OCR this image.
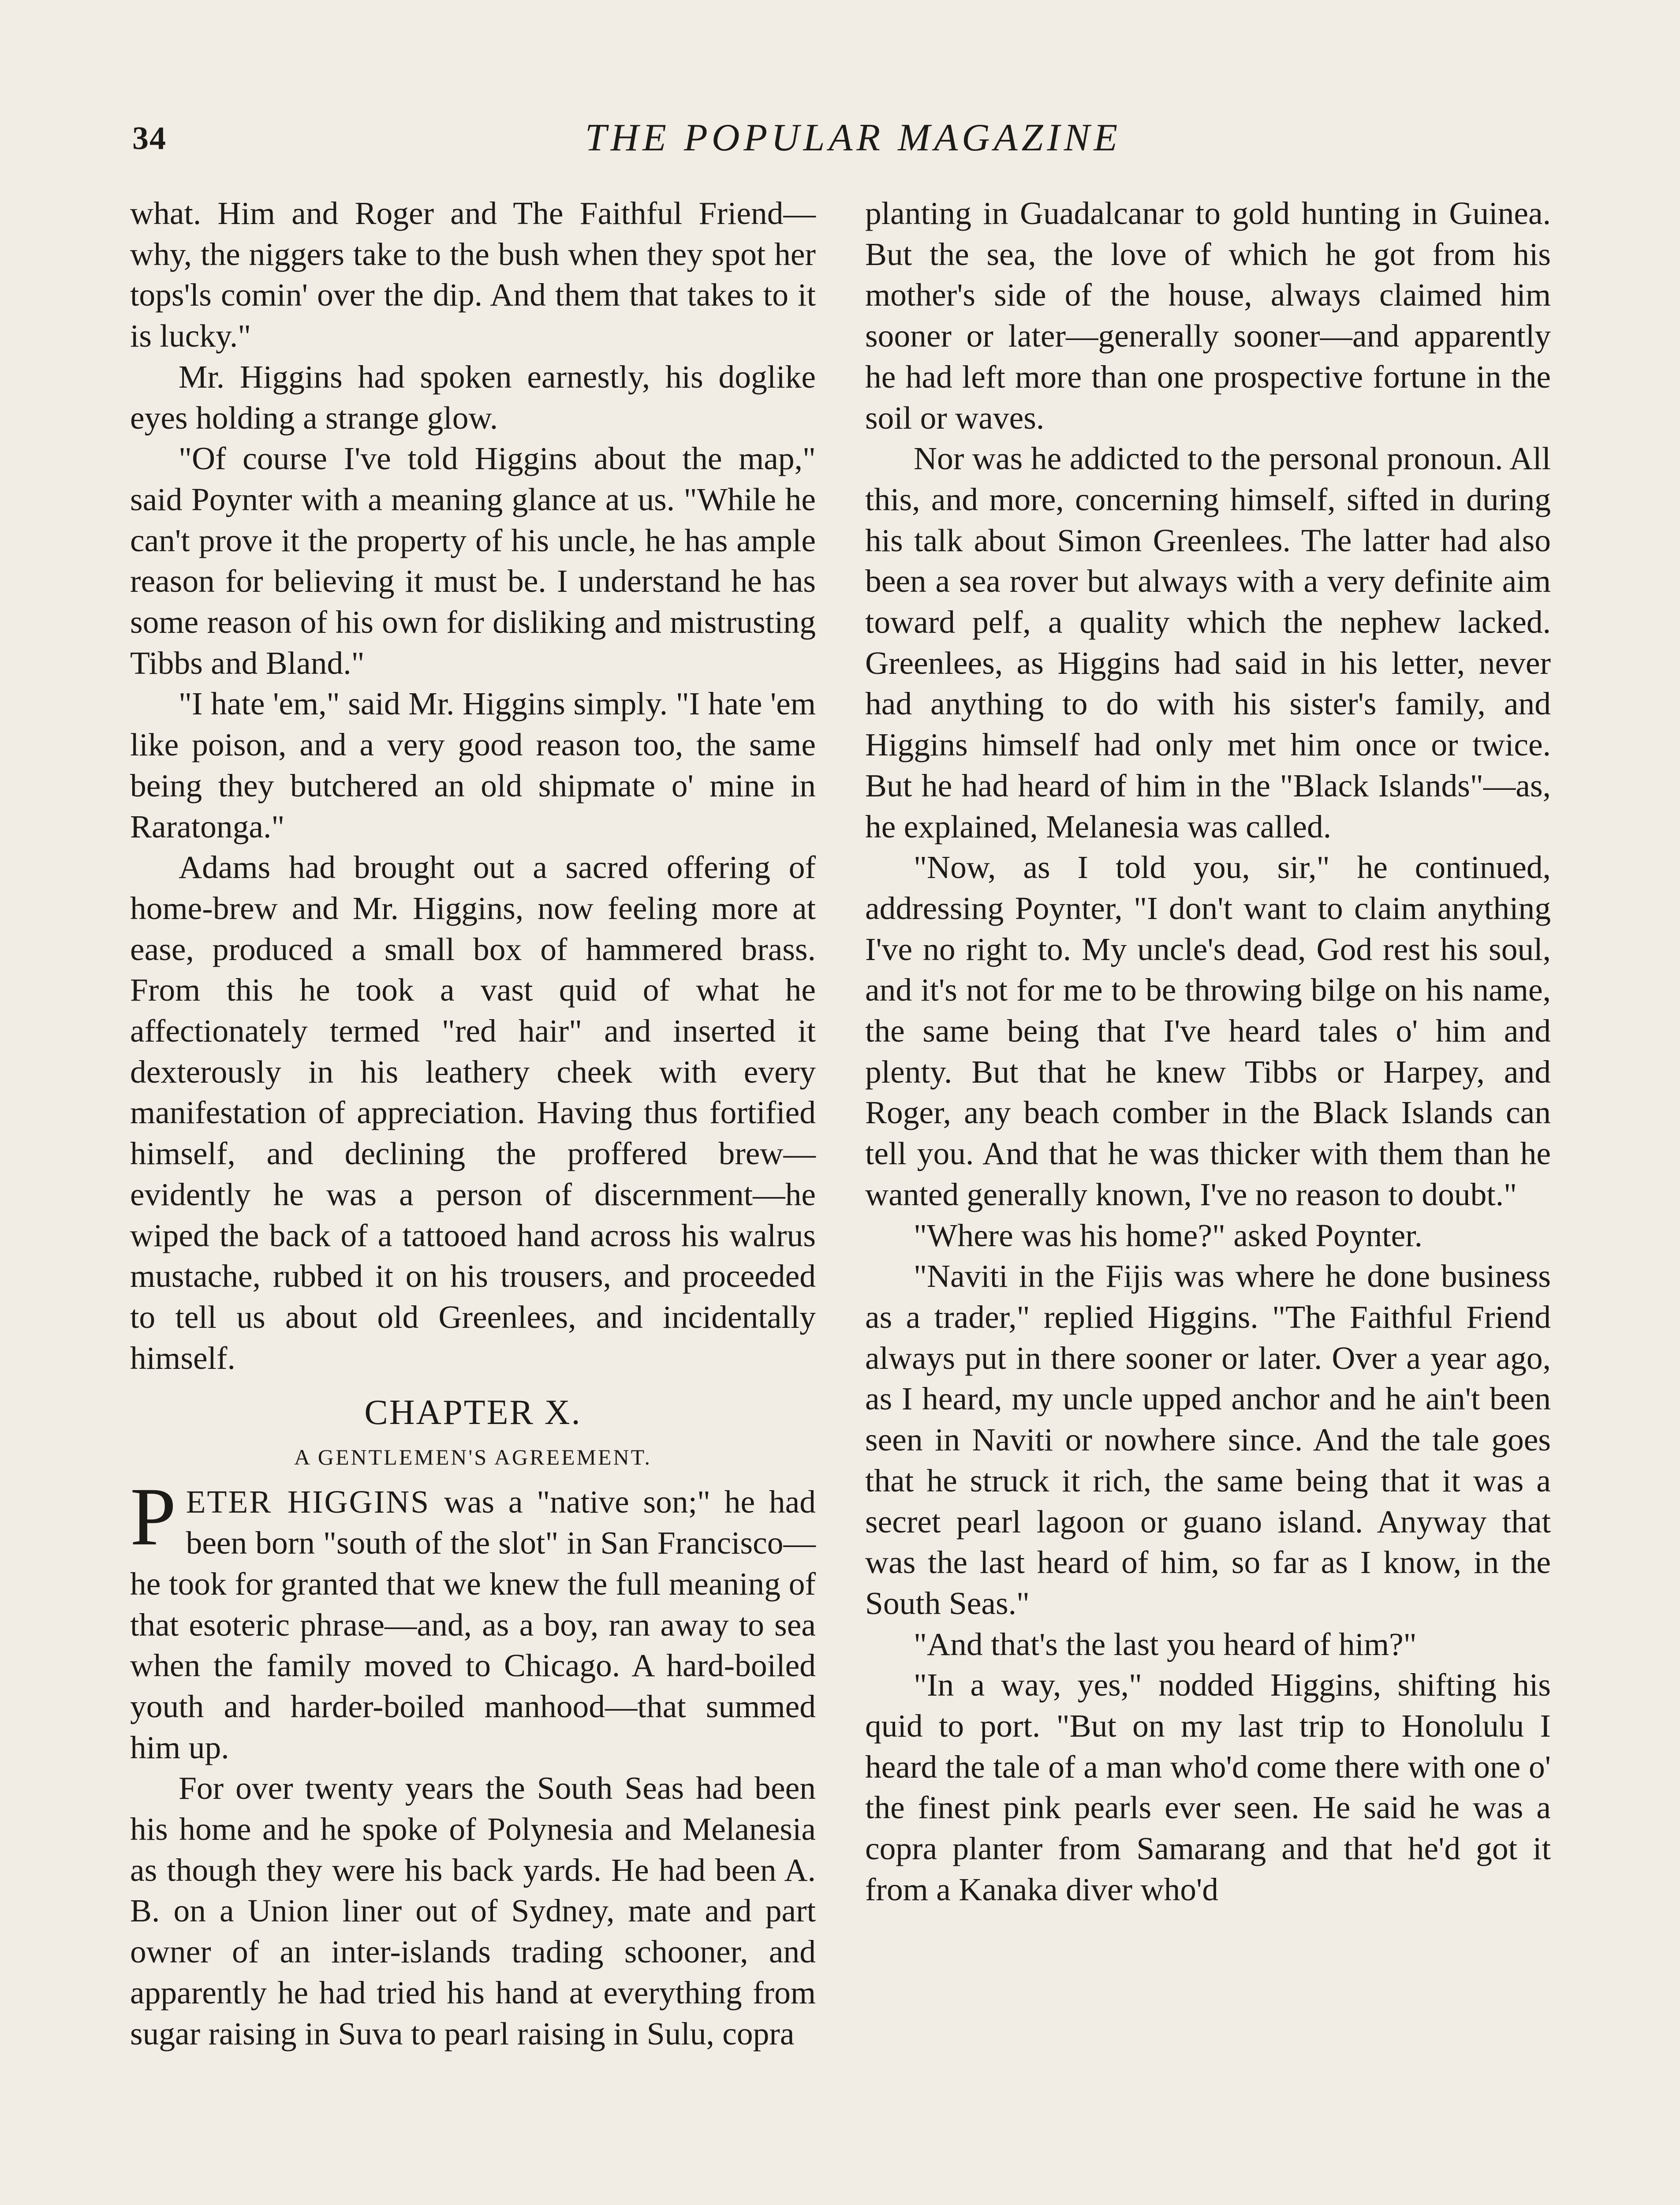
34	THE POPULAR MAGAZINE

what. Him and Roger and The Faithful Friend—why, the niggers take to the bush when they spot her tops'ls comin' over the dip. And them that takes to it is lucky."

Mr. Higgins had spoken earnestly, his doglike eyes holding a strange glow.

"Of course I've told Higgins about the map," said Poynter with a meaning glance at us. "While he can't prove it the property of his uncle, he has ample reason for believing it must be. I understand he has some reason of his own for disliking and mistrusting Tibbs and Bland."

"I hate 'em," said Mr. Higgins simply. "I hate 'em like poison, and a very good reason too, the same being they butchered an old shipmate o' mine in Raratonga."

Adams had brought out a sacred offering of home-brew and Mr. Higgins, now feeling more at ease, produced a small box of hammered brass. From this he took a vast quid of what he affectionately termed "red hair" and inserted it dexterously in his leathery cheek with every manifestation of appreciation. Having thus fortified himself, and declining the proffered brew—evidently he was a person of discernment—he wiped the back of a tattooed hand across his walrus mustache, rubbed it on his trousers, and proceeded to tell us about old Greenlees, and incidentally himself.

CHAPTER X.
A GENTLEMEN'S AGREEMENT.

PETER HIGGINS was a "native son;" he had been born "south of the slot" in San Francisco—he took for granted that we knew the full meaning of that esoteric phrase—and, as a boy, ran away to sea when the family moved to Chicago. A hard-boiled youth and harder-boiled manhood—that summed him up.

For over twenty years the South Seas had been his home and he spoke of Polynesia and Melanesia as though they were his back yards. He had been A. B. on a Union liner out of Sydney, mate and part owner of an inter-islands trading schooner, and apparently he had tried his hand at everything from sugar raising in Suva to pearl raising in Sulu, copra

planting in Guadalcanar to gold hunting in Guinea. But the sea, the love of which he got from his mother's side of the house, always claimed him sooner or later—generally sooner—and apparently he had left more than one prospective fortune in the soil or waves.

Nor was he addicted to the personal pronoun. All this, and more, concerning himself, sifted in during his talk about Simon Greenlees. The latter had also been a sea rover but always with a very definite aim toward pelf, a quality which the nephew lacked. Greenlees, as Higgins had said in his letter, never had anything to do with his sister's family, and Higgins himself had only met him once or twice. But he had heard of him in the "Black Islands"—as, he explained, Melanesia was called.

"Now, as I told you, sir," he continued, addressing Poynter, "I don't want to claim anything I've no right to. My uncle's dead, God rest his soul, and it's not for me to be throwing bilge on his name, the same being that I've heard tales o' him and plenty. But that he knew Tibbs or Harpey, and Roger, any beach comber in the Black Islands can tell you. And that he was thicker with them than he wanted generally known, I've no reason to doubt."

"Where was his home?" asked Poynter.

"Naviti in the Fijis was where he done business as a trader," replied Higgins. "The Faithful Friend always put in there sooner or later. Over a year ago, as I heard, my uncle upped anchor and he ain't been seen in Naviti or nowhere since. And the tale goes that he struck it rich, the same being that it was a secret pearl lagoon or guano island. Anyway that was the last heard of him, so far as I know, in the South Seas."

"And that's the last you heard of him?"

"In a way, yes," nodded Higgins, shifting his quid to port. "But on my last trip to Honolulu I heard the tale of a man who'd come there with one o' the finest pink pearls ever seen. He said he was a copra planter from Samarang and that he'd got it from a Kanaka diver who'd
